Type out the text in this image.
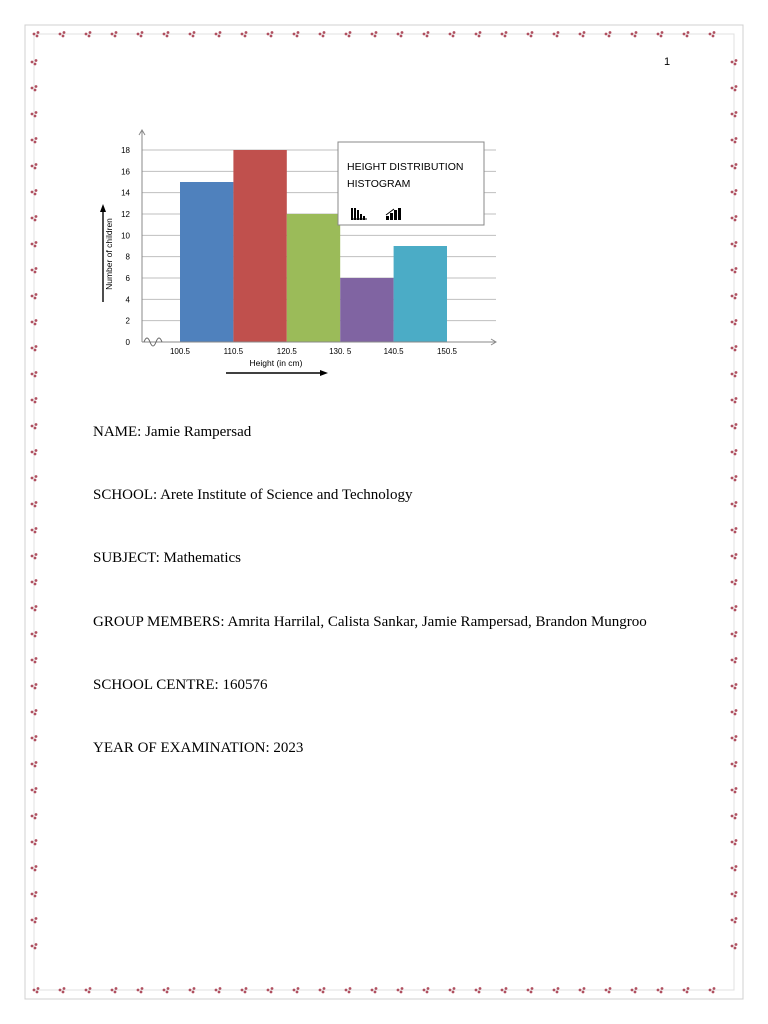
1
0
2
4
6
8
10
12
14
16
18
100.5	110.5	120.5	130. 5	140.5	150.5
Number of children
Height (in cm)
HEIGHT DISTRIBUTION
HISTOGRAM
NAME: Jamie Rampersad
SCHOOL: Arete Institute of Science and Technology
SUBJECT: Mathematics
GROUP MEMBERS: Amrita Harrilal, Calista Sankar, Jamie Rampersad, Brandon Mungroo
SCHOOL CENTRE: 160576
YEAR OF EXAMINATION: 2023
